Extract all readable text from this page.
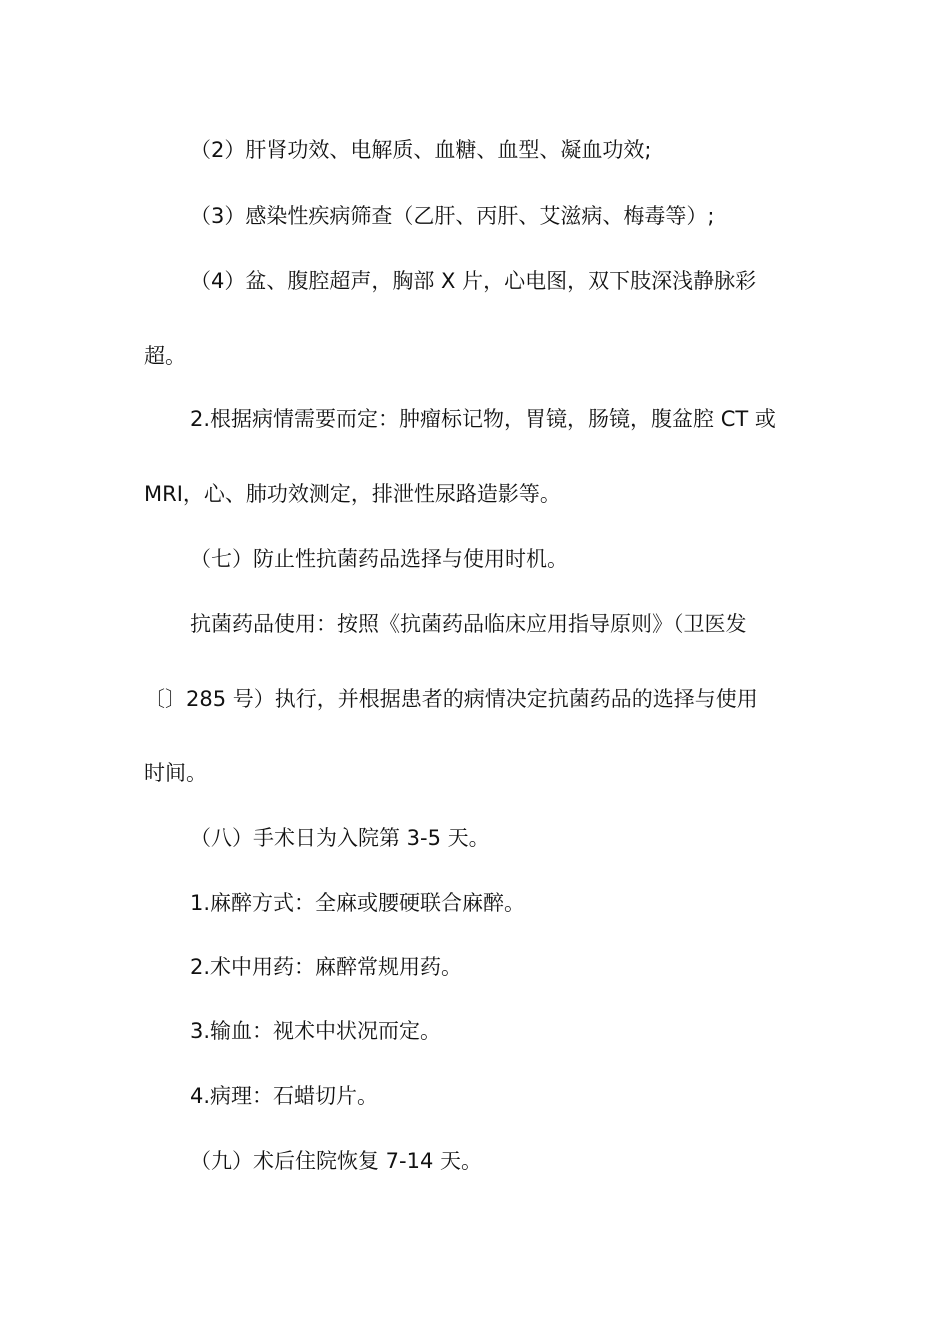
（2）肝肾功效、电解质、血糖、血型、凝血功效;
（3）感染性疾病筛查（乙肝、丙肝、艾滋病、梅毒等）;
（4）盆、腹腔超声，胸部 X 片，心电图，双下肢深浅静脉彩
超。
2.根据病情需要而定：肿瘤标记物，胃镜，肠镜，腹盆腔 CT 或
MRI，心、肺功效测定，排泄性尿路造影等。
（七）防止性抗菌药品选择与使用时机。
抗菌药品使用：按照《抗菌药品临床应用指导原则》（卫医发
〔〕285 号）执行，并根据患者的病情决定抗菌药品的选择与使用
时间。
（八）手术日为入院第 3-5 天。
1.麻醉方式：全麻或腰硬联合麻醉。
2.术中用药：麻醉常规用药。
3.输血：视术中状况而定。
4.病理：石蜡切片。
（九）术后住院恢复 7-14 天。
